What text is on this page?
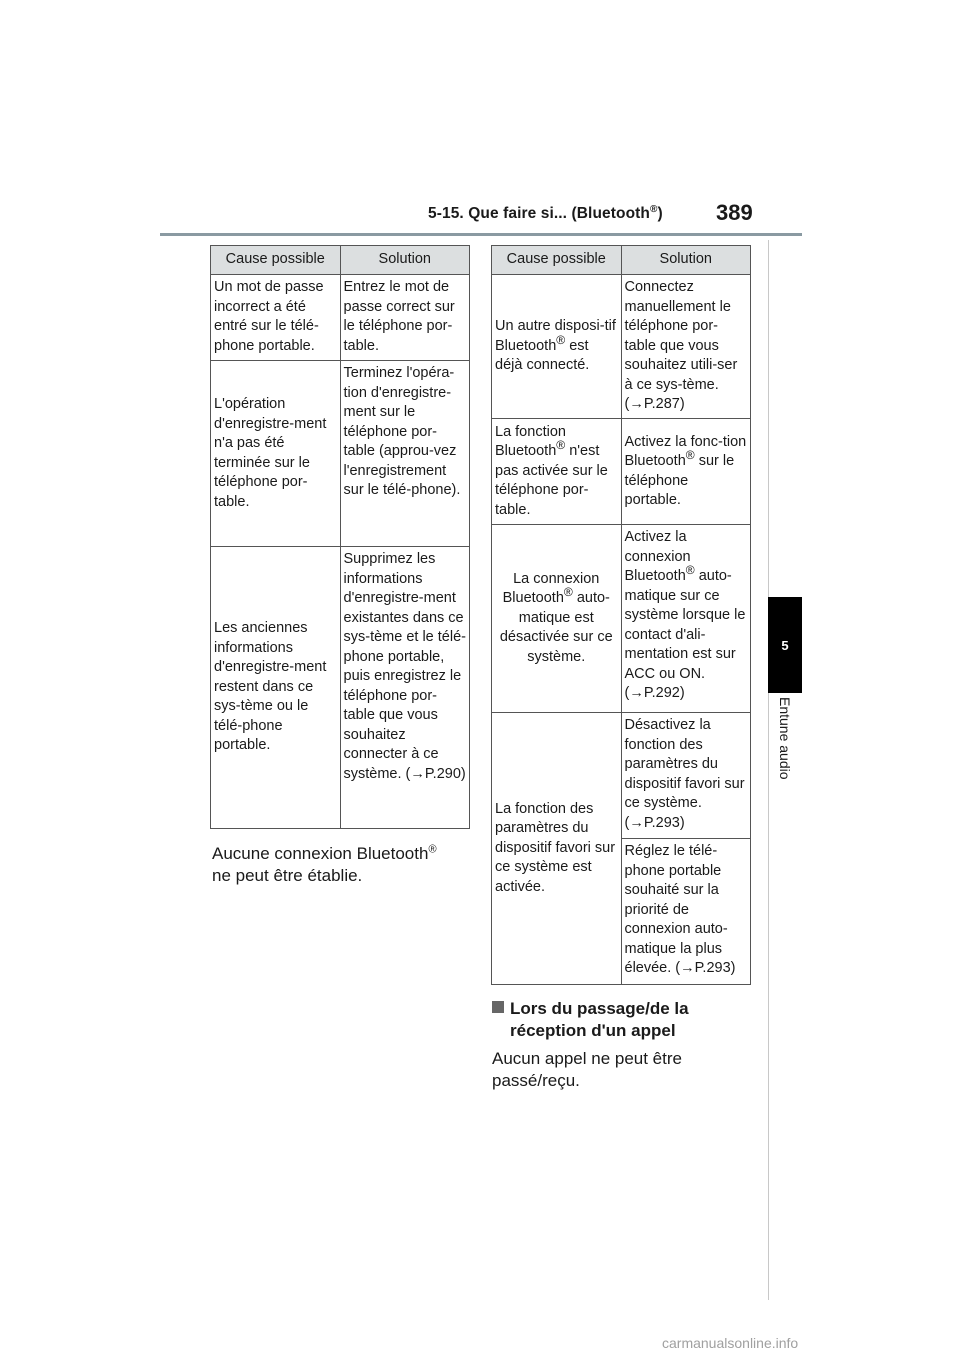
5-15. Que faire si... (Bluetooth®) 389
5
Entune audio
Cause possible	Solution
Un mot de passe incorrect a été entré sur le télé-phone portable.	Entrez le mot de passe correct sur le téléphone por-table.
L'opération d'enregistre-ment n'a pas été terminée sur le téléphone por-table.	Terminez l'opéra-tion d'enregistre-ment sur le téléphone por-table (approu-vez l'enregistrement sur le télé-phone).
Les anciennes informations d'enregistre-ment restent dans ce sys-tème ou le télé-phone portable.	Supprimez les informations d'enregistre-ment existantes dans ce sys-tème et le télé-phone portable, puis enregistrez le téléphone por-table que vous souhaitez connecter à ce système. (→P.290)
Aucune connexion Bluetooth®
ne peut être établie.
Cause possible	Solution
Un autre disposi-tif Bluetooth® est déjà connecté.	Connectez manuellement le téléphone por-table que vous souhaitez utili-ser à ce sys-tème. (→P.287)
La fonction Bluetooth® n'est pas activée sur le téléphone por-table.	Activez la fonc-tion Bluetooth® sur le téléphone portable.
La connexion Bluetooth® auto-matique est désactivée sur ce système.	Activez la connexion Bluetooth® auto-matique sur ce système lorsque le contact d'ali-mentation est sur ACC ou ON. (→P.292)
La fonction des paramètres du dispositif favori sur ce système est activée.	Désactivez la fonction des paramètres du dispositif favori sur ce système. (→P.293)
	Réglez le télé-phone portable souhaité sur la priorité de connexion auto-matique la plus élevée. (→P.293)
Lors du passage/de la
réception d'un appel
Aucun appel ne peut être passé/reçu.
carmanualsonline.info
